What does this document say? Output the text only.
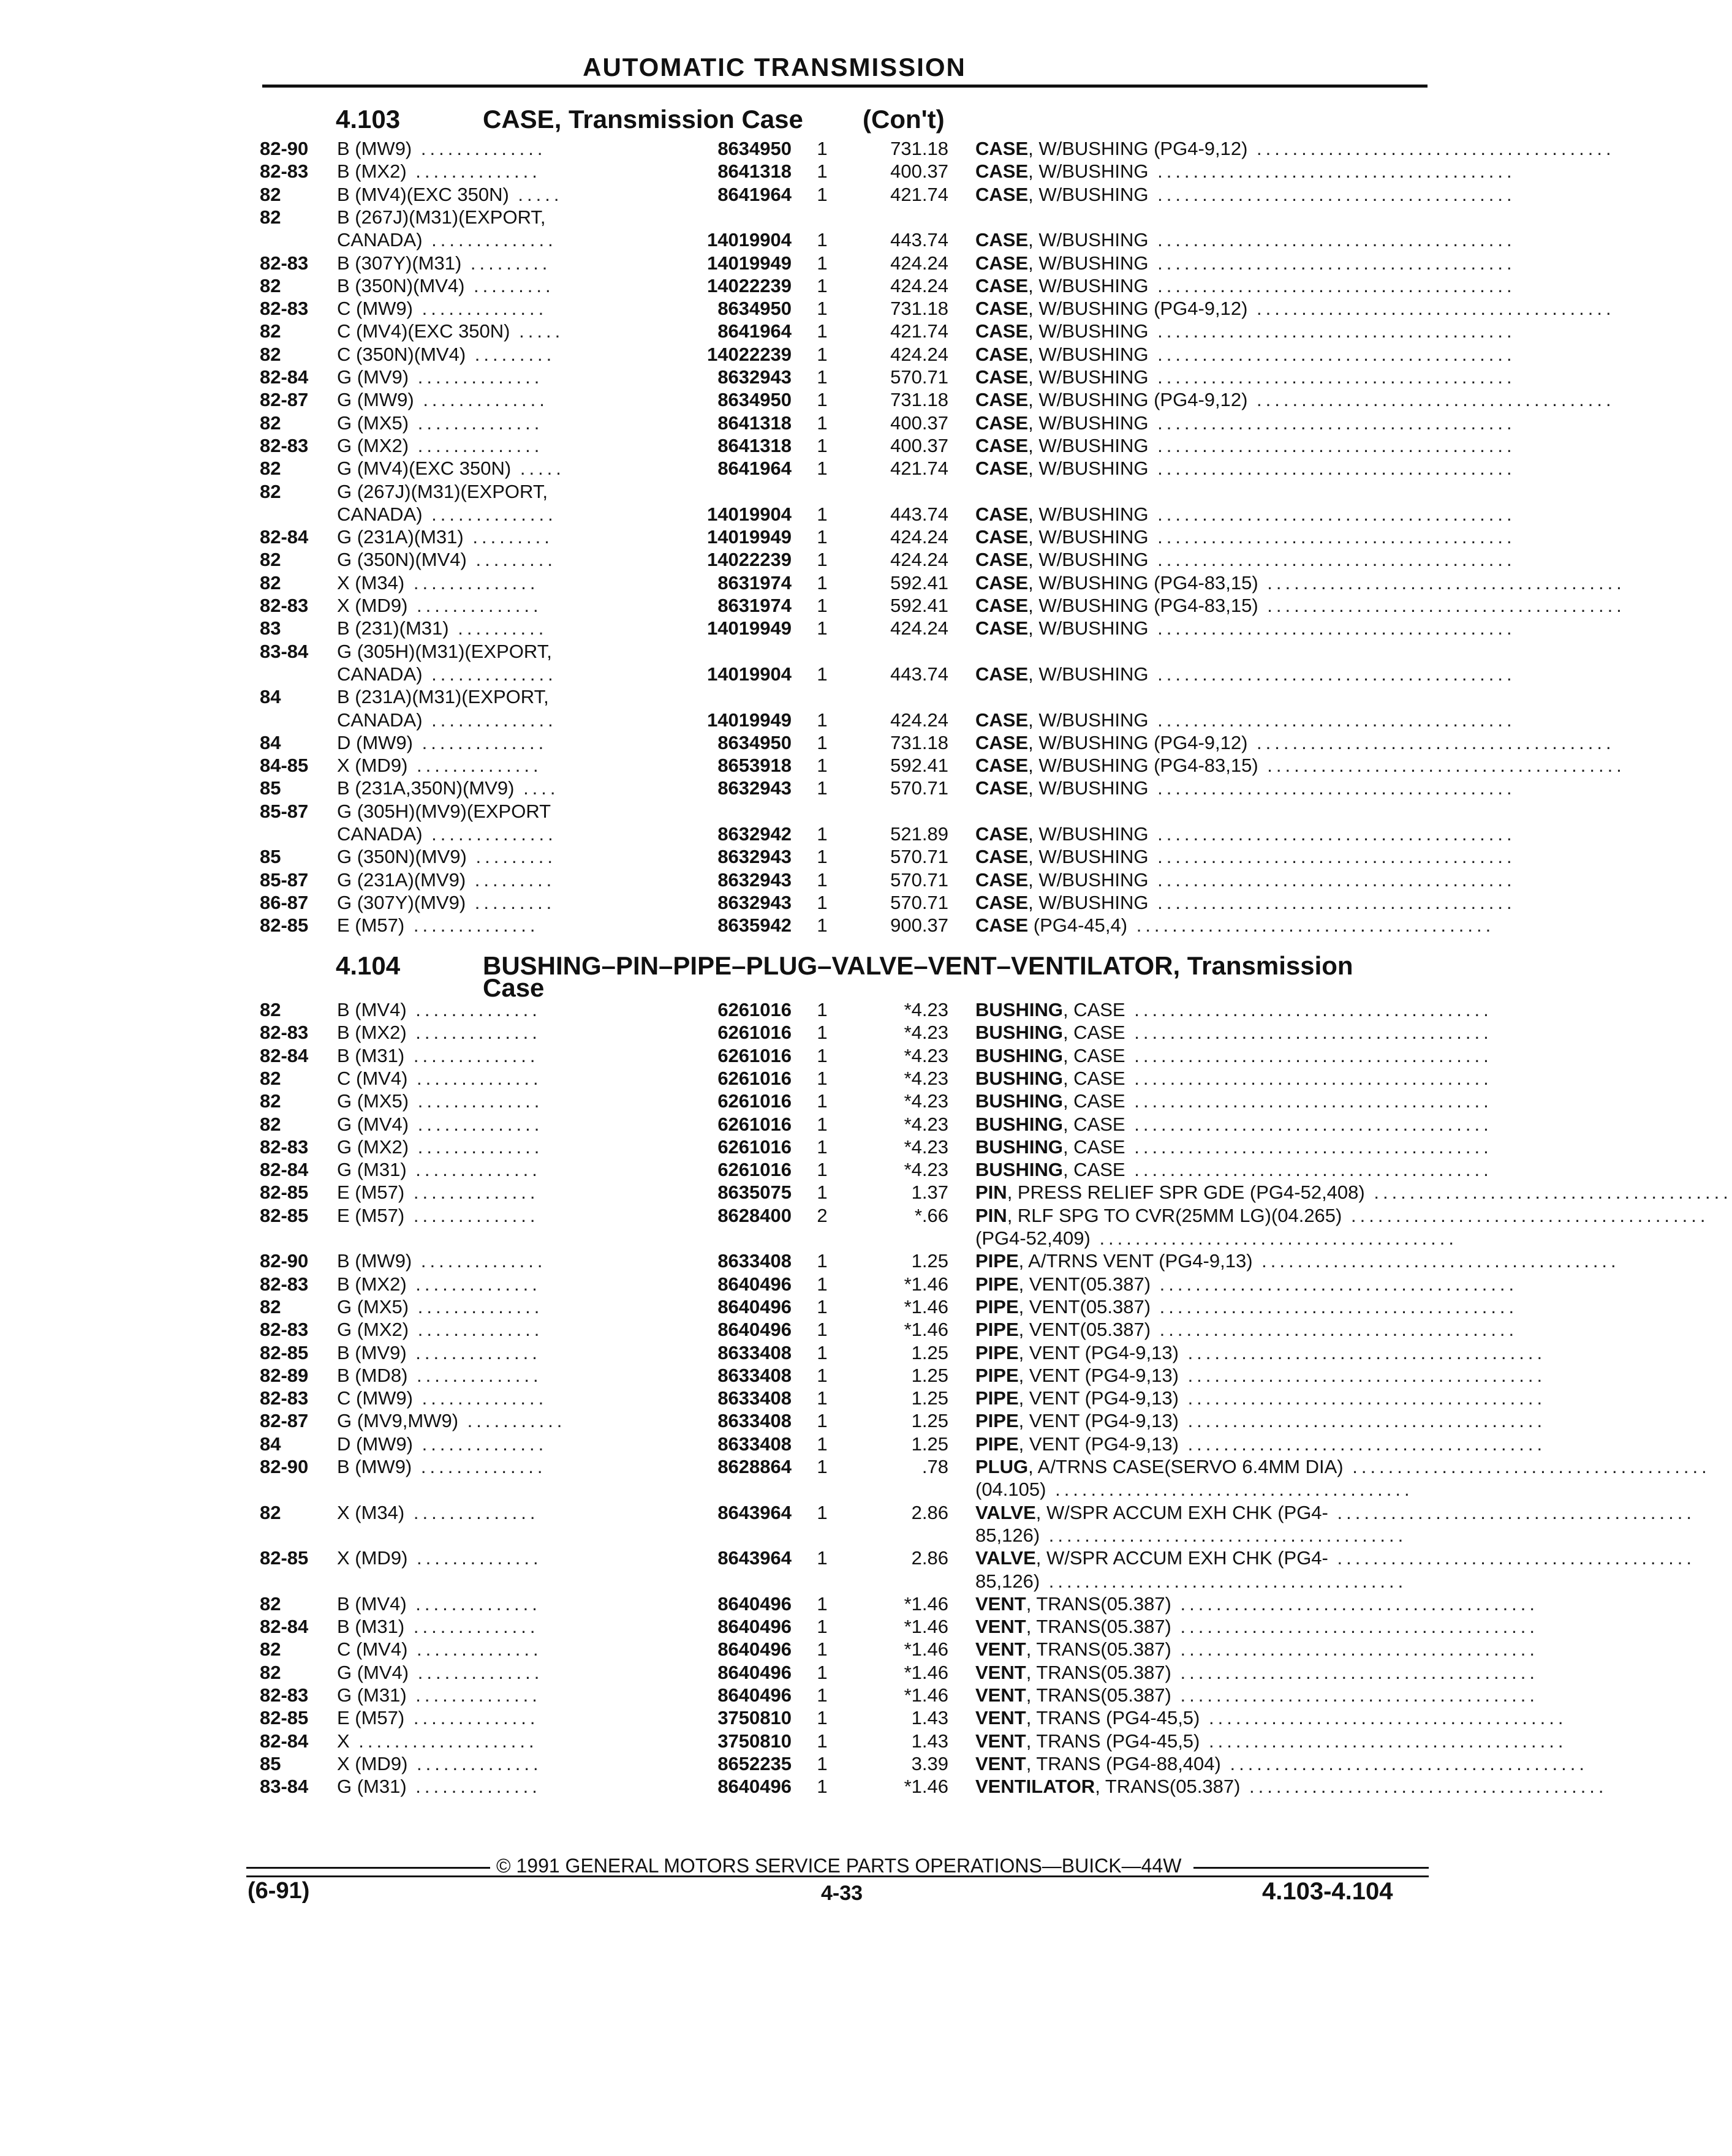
AUTOMATIC TRANSMISSION
4.103	CASE, Transmission Case (Con't)
82-90 B (MW9) ..............	8634950	1	731.18 CASE, W/BUSHING (PG4-9,12) ........................................
82-83 B (MX2) ..............	8641318	1	400.37 CASE, W/BUSHING ........................................
82	B (MV4)(EXC 350N) .....	8641964	1	421.74 CASE, W/BUSHING ........................................
82	B (267J)(M31)(EXPORT,
CANADA) ..............	14019904	1	443.74 CASE, W/BUSHING ........................................
82-83 B (307Y)(M31) .........	14019949	1	424.24 CASE, W/BUSHING ........................................
82	B (350N)(MV4) .........	14022239	1	424.24 CASE, W/BUSHING ........................................
82-83 C (MW9) ..............	8634950	1	731.18 CASE, W/BUSHING (PG4-9,12) ........................................
82	C (MV4)(EXC 350N) .....	8641964	1	421.74 CASE, W/BUSHING ........................................
82	C (350N)(MV4) .........	14022239	1	424.24 CASE, W/BUSHING ........................................
82-84 G (MV9) ..............	8632943	1	570.71 CASE, W/BUSHING ........................................
82-87 G (MW9) ..............	8634950	1	731.18 CASE, W/BUSHING (PG4-9,12) ........................................
82	G (MX5) ..............	8641318	1	400.37 CASE, W/BUSHING ........................................
82-83 G (MX2) ..............	8641318	1	400.37 CASE, W/BUSHING ........................................
82	G (MV4)(EXC 350N) .....	8641964	1	421.74 CASE, W/BUSHING ........................................
82	G (267J)(M31)(EXPORT,
CANADA) ..............	14019904	1	443.74 CASE, W/BUSHING ........................................
82-84 G (231A)(M31) .........	14019949	1	424.24 CASE, W/BUSHING ........................................
82	G (350N)(MV4) .........	14022239	1	424.24 CASE, W/BUSHING ........................................
82	X (M34) ..............	8631974	1	592.41 CASE, W/BUSHING (PG4-83,15) ........................................
82-83 X (MD9) ..............	8631974	1	592.41 CASE, W/BUSHING (PG4-83,15) ........................................
83	B (231)(M31) ..........	14019949	1	424.24 CASE, W/BUSHING ........................................
83-84 G (305H)(M31)(EXPORT,
CANADA) ..............	14019904	1	443.74 CASE, W/BUSHING ........................................
84	B (231A)(M31)(EXPORT,
CANADA) ..............	14019949	1	424.24 CASE, W/BUSHING ........................................
84	D (MW9) ..............	8634950	1	731.18 CASE, W/BUSHING (PG4-9,12) ........................................
84-85 X (MD9) ..............	8653918	1	592.41 CASE, W/BUSHING (PG4-83,15) ........................................
85	B (231A,350N)(MV9) ....	8632943	1	570.71 CASE, W/BUSHING ........................................
85-87 G (305H)(MV9)(EXPORT
CANADA) ..............	8632942	1	521.89 CASE, W/BUSHING ........................................
85	G (350N)(MV9) .........	8632943	1	570.71 CASE, W/BUSHING ........................................
85-87 G (231A)(MV9) .........	8632943	1	570.71 CASE, W/BUSHING ........................................
86-87 G (307Y)(MV9) .........	8632943	1	570.71 CASE, W/BUSHING ........................................
82-85 E (M57) ..............	8635942	1	900.37 CASE (PG4-45,4) ........................................
4.104	BUSHING–PIN–PIPE–PLUG–VALVE–VENT–VENTILATOR, Transmission
Case
82	B (MV4) ..............	6261016	1	*4.23 BUSHING, CASE ........................................
82-83 B (MX2) ..............	6261016	1	*4.23 BUSHING, CASE ........................................
82-84 B (M31) ..............	6261016	1	*4.23 BUSHING, CASE ........................................
82	C (MV4) ..............	6261016	1	*4.23 BUSHING, CASE ........................................
82	G (MX5) ..............	6261016	1	*4.23 BUSHING, CASE ........................................
82	G (MV4) ..............	6261016	1	*4.23 BUSHING, CASE ........................................
82-83 G (MX2) ..............	6261016	1	*4.23 BUSHING, CASE ........................................
82-84 G (M31) ..............	6261016	1	*4.23 BUSHING, CASE ........................................
82-85 E (M57) ..............	8635075	1	1.37 PIN, PRESS RELIEF SPR GDE (PG4-52,408) ........................................
82-85 E (M57) ..............	8628400	2	*.66 PIN, RLF SPG TO CVR(25MM LG)(04.265) ........................................
(PG4-52,409) ........................................
82-90 B (MW9) ..............	8633408	1	1.25 PIPE, A/TRNS VENT (PG4-9,13) ........................................
82-83 B (MX2) ..............	8640496	1	*1.46 PIPE, VENT(05.387) ........................................
82	G (MX5) ..............	8640496	1	*1.46 PIPE, VENT(05.387) ........................................
82-83 G (MX2) ..............	8640496	1	*1.46 PIPE, VENT(05.387) ........................................
82-85 B (MV9) ..............	8633408	1	1.25 PIPE, VENT (PG4-9,13) ........................................
82-89 B (MD8) ..............	8633408	1	1.25 PIPE, VENT (PG4-9,13) ........................................
82-83 C (MW9) ..............	8633408	1	1.25 PIPE, VENT (PG4-9,13) ........................................
82-87 G (MV9,MW9) ...........	8633408	1	1.25 PIPE, VENT (PG4-9,13) ........................................
84	D (MW9) ..............	8633408	1	1.25 PIPE, VENT (PG4-9,13) ........................................
82-90 B (MW9) ..............	8628864	1	.78 PLUG, A/TRNS CASE(SERVO 6.4MM DIA) ........................................
(04.105) ........................................
82	X (M34) ..............	8643964	1	2.86 VALVE, W/SPR ACCUM EXH CHK (PG4- ........................................
85,126) ........................................
82-85 X (MD9) ..............	8643964	1	2.86 VALVE, W/SPR ACCUM EXH CHK (PG4- ........................................
85,126) ........................................
82	B (MV4) ..............	8640496	1	*1.46 VENT, TRANS(05.387) ........................................
82-84 B (M31) ..............	8640496	1	*1.46 VENT, TRANS(05.387) ........................................
82	C (MV4) ..............	8640496	1	*1.46 VENT, TRANS(05.387) ........................................
82	G (MV4) ..............	8640496	1	*1.46 VENT, TRANS(05.387) ........................................
82-83 G (M31) ..............	8640496	1	*1.46 VENT, TRANS(05.387) ........................................
82-85 E (M57) ..............	3750810	1	1.43 VENT, TRANS (PG4-45,5) ........................................
82-84 X ....................	3750810	1	1.43 VENT, TRANS (PG4-45,5) ........................................
85	X (MD9) ..............	8652235	1	3.39 VENT, TRANS (PG4-88,404) ........................................
83-84 G (M31) ..............	8640496	1	*1.46 VENTILATOR, TRANS(05.387) ........................................
© 1991 GENERAL MOTORS SERVICE PARTS OPERATIONS—BUICK—44W
(6-91)	4-33	4.103-4.104
